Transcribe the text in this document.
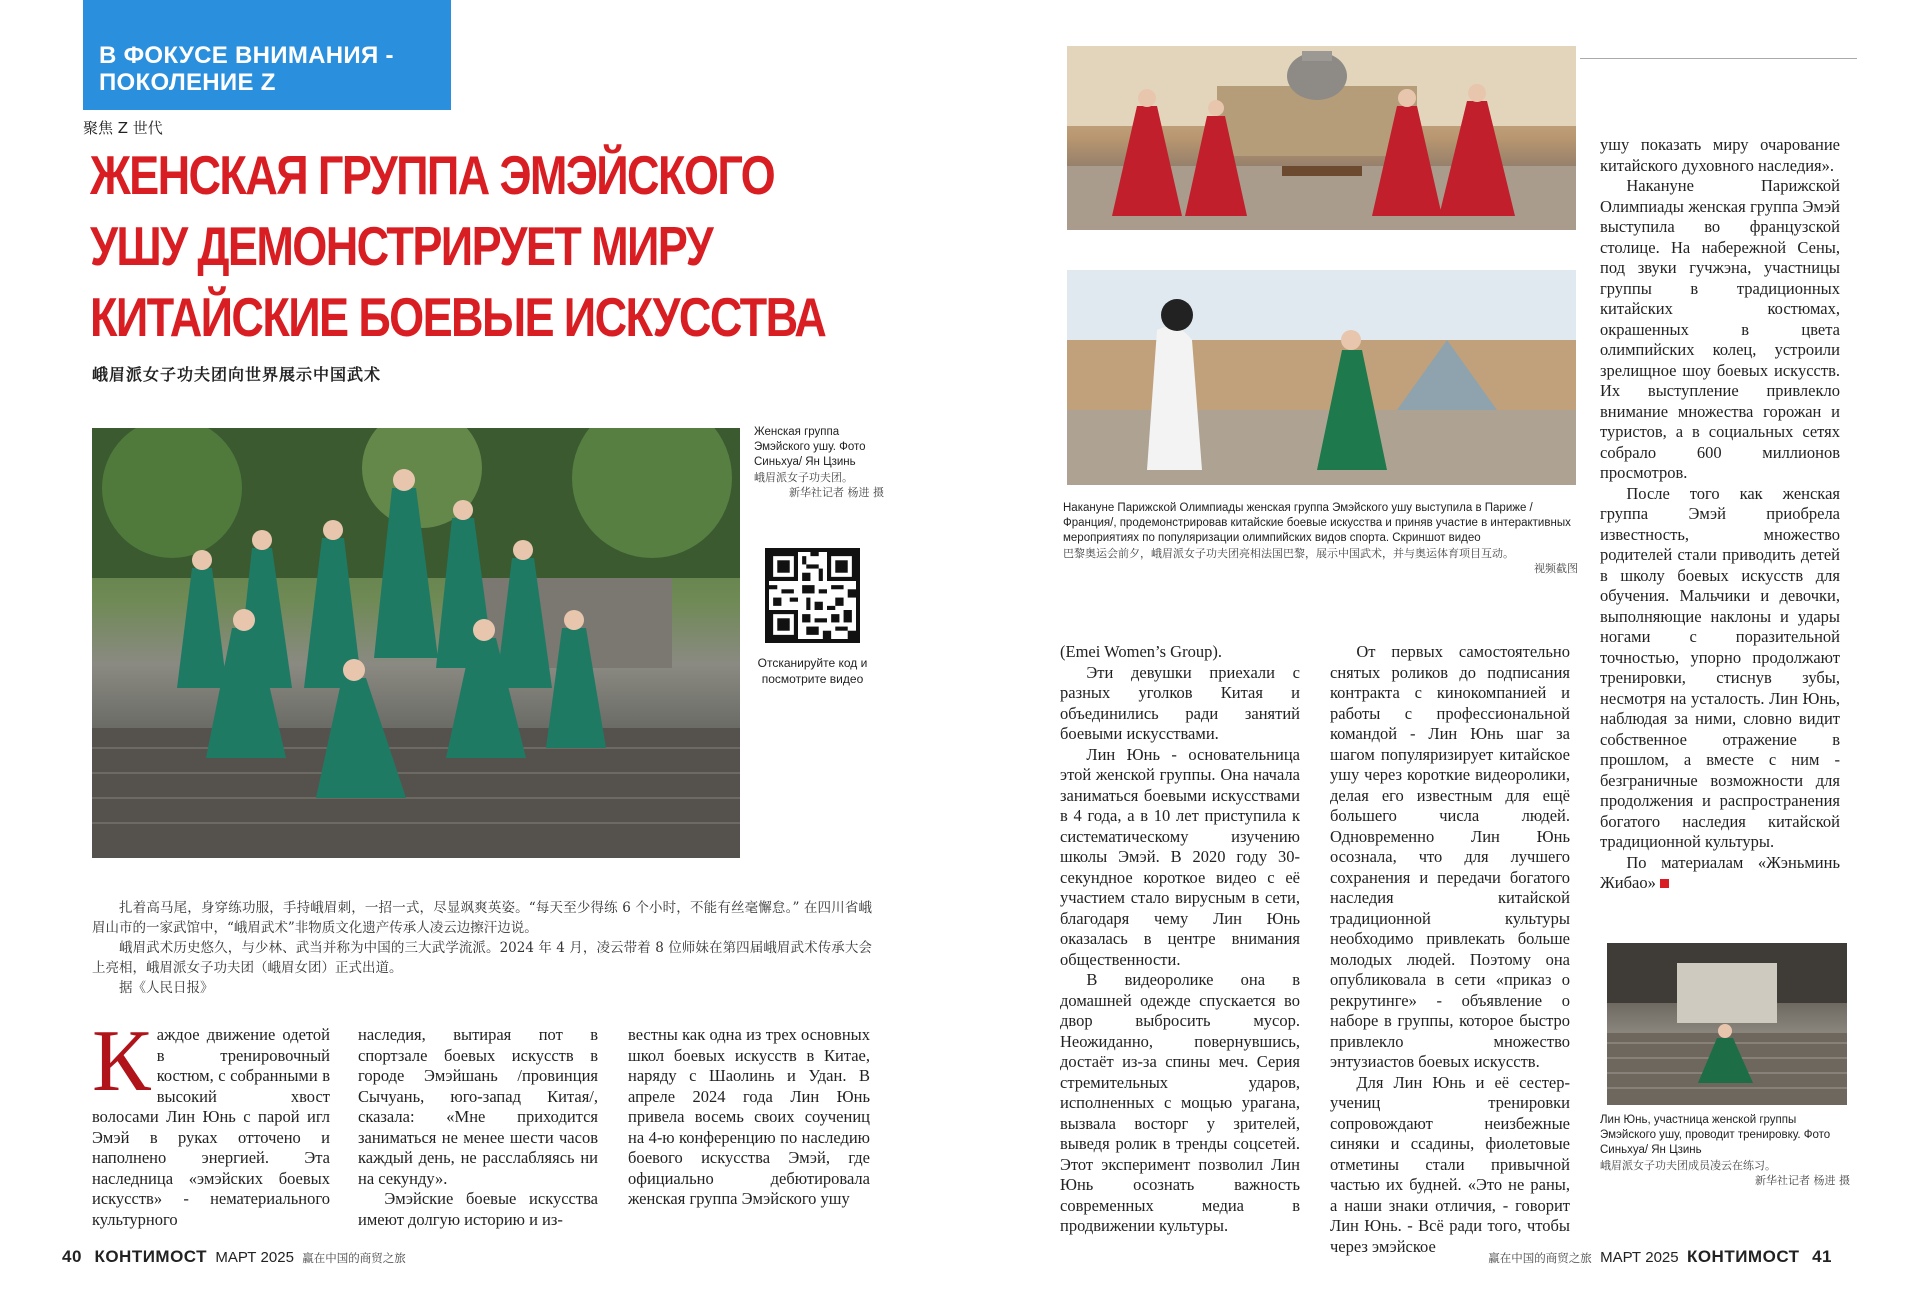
В ФОКУСЕ ВНИМАНИЯ -
ПОКОЛЕНИЕ Z
聚焦 Z 世代
ЖЕНСКАЯ ГРУППА ЭМЭЙСКОГО
УШУ ДЕМОНСТРИРУЕТ МИРУ
КИТАЙСКИЕ БОЕВЫЕ ИСКУССТВА
峨眉派女子功夫团向世界展示中国武术
Женская группа Эмэйского ушу. Фото Синьхуа/ Ян Цзинь
峨眉派女子功夫团。
新华社记者 杨进 摄
Отсканируйте код и посмотрите видео
Накануне Парижской Олимпиады женская группа Эмэйского ушу выступила в Париже /Франция/, продемонстрировав китайские боевые искусства и приняв участие в интерактивных мероприятиях по популяризации олимпийских видов спорта. Скриншот видео
巴黎奥运会前夕，峨眉派女子功夫团亮相法国巴黎，展示中国武术，并与奥运体育项目互动。
视频截图

扎着高马尾，身穿练功服，手持峨眉刺，一招一式，尽显飒爽英姿。“每天至少得练 6 个小时，不能有丝毫懈怠。” 在四川省峨眉山市的一家武馆中，“峨眉武术”非物质文化遗产传承人凌云边擦汗边说。

峨眉武术历史悠久，与少林、武当并称为中国的三大武学流派。2024 年 4 月，凌云带着 8 位师妹在第四届峨眉武术传承大会上亮相，峨眉派女子功夫团（峨眉女团）正式出道。

据《人民日报》

К аждое движение одетой в тренировочный костюм, с собранными в высокий хвост волосами Лин Юнь с парой игл Эмэй в руках отточено и наполнено энергией. Эта наследница «эмэйских боевых искусств» - нематериального культурного

наследия, вытирая пот в спортзале боевых искусств в городе Эмэйшань /провинция Сычуань, юго-запад Китая/, сказала: «Мне приходится заниматься не менее шести часов каждый день, не расслабляясь ни на секунду».

Эмэйские боевые искусства имеют долгую историю и из-

вестны как одна из трех основных школ боевых искусств в Китае, наряду с Шаолинь и Удан. В апреле 2024 года Лин Юнь привела восемь своих соучениц на 4-ю конференцию по наследию боевого искусства Эмэй, где официально дебютировала женская группа Эмэйского ушу

(Emei Women’s Group).

Эти девушки приехали с разных уголков Китая и объединились ради занятий боевыми искусствами.

Лин Юнь - основательница этой женской группы. Она начала заниматься боевыми искусствами в 4 года, а в 10 лет приступила к систематическому изучению школы Эмэй. В 2020 году 30-секундное короткое видео с её участием стало вирусным в сети, благодаря чему Лин Юнь оказалась в центре внимания общественности.

В видеоролике она в домашней одежде спускается во двор выбросить мусор. Неожиданно, повернувшись, достаёт из-за спины меч. Серия стремительных ударов, исполненных с мощью урагана, вызвала восторг у зрителей, выведя ролик в тренды соцсетей. Этот эксперимент позволил Лин Юнь осознать важность современных медиа в продвижении культуры.

От первых самостоятельно снятых роликов до подписания контракта с кинокомпанией и работы с профессиональной командой - Лин Юнь шаг за шагом популяризирует китайское ушу через короткие видеоролики, делая его известным для ещё большего числа людей. Одновременно Лин Юнь осознала, что для лучшего сохранения и передачи богатого наследия китайской традиционной культуры необходимо привлекать больше молодых людей. Поэтому она опубликовала в сети «приказ о рекрутинге» - объявление о наборе в группы, которое быстро привлекло множество энтузиастов боевых искусств.

Для Лин Юнь и её сестер-учениц тренировки сопровождают неизбежные синяки и ссадины, фиолетовые отметины стали привычной частью их будней. «Это не раны, а наши знаки отличия, - говорит Лин Юнь. - Всё ради того, чтобы через эмэйское

ушу показать миру очарование китайского духовного наследия».

Накануне Парижской Олимпиады женская группа Эмэй выступила во французской столице. На набережной Сены, под звуки гучжэна, участницы группы в традиционных китайских костюмах, окрашенных в цвета олимпийских колец, устроили зрелищное шоу боевых искусств. Их выступление привлекло внимание множества горожан и туристов, а в социальных сетях собрало 600 миллионов просмотров.

После того как женская группа Эмэй приобрела известность, множество родителей стали приводить детей в школу боевых искусств для обучения. Мальчики и девочки, выполняющие наклоны и удары ногами с поразительной точностью, упорно продолжают тренировки, стиснув зубы, несмотря на усталость. Лин Юнь, наблюдая за ними, словно видит собственное отражение в прошлом, а вместе с ним - безграничные возможности для продолжения и распространения богатого наследия китайской традиционной культуры.

По материалам «Жэньминь Жибао»

Лин Юнь, участница женской группы Эмэйского ушу, проводит тренировку. Фото Синьхуа/ Ян Цзинь
峨眉派女子功夫团成员凌云在练习。
新华社记者 杨进 摄
40 КОНТИМОСТ МАРТ 2025 赢在中国的商贸之旅	赢在中国的商贸之旅 МАРТ 2025 КОНТИМОСТ 41
